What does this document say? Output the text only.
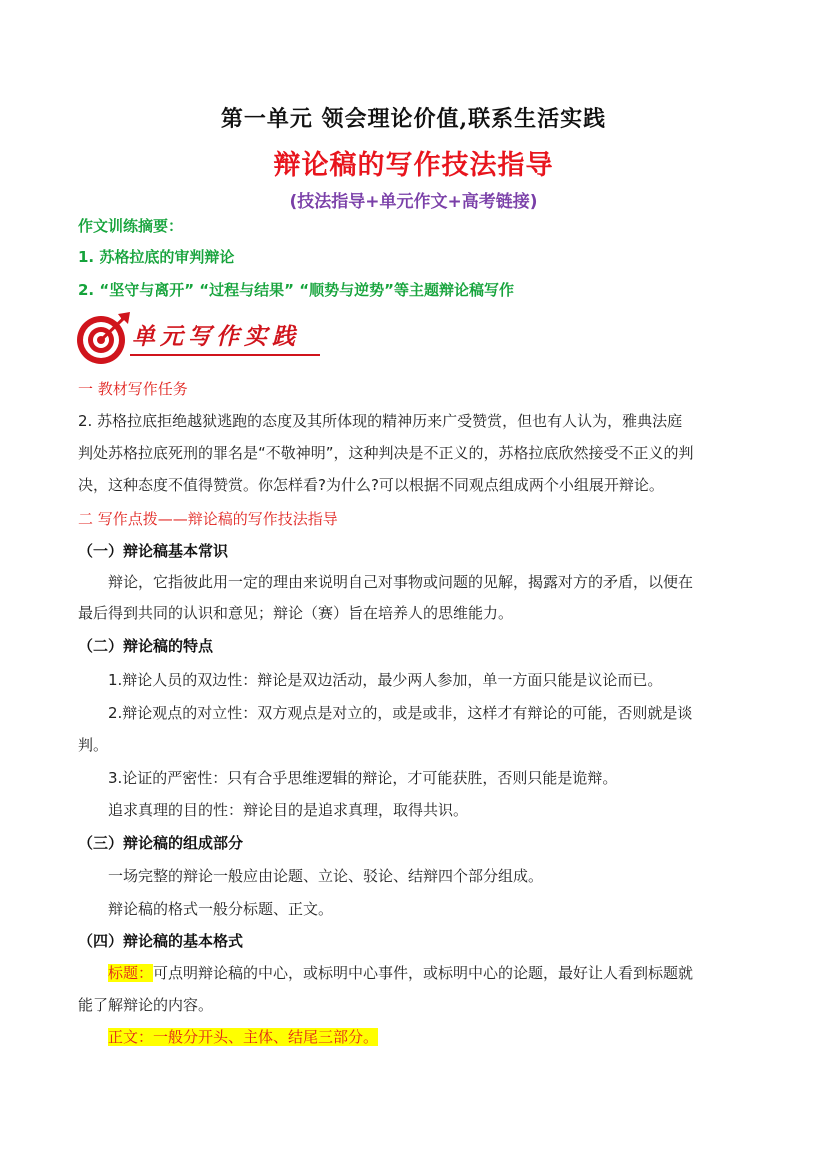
第一单元 领会理论价值,联系生活实践
辩论稿的写作技法指导
(技法指导+单元作文+高考链接)
作文训练摘要：
1. 苏格拉底的审判辩论
2. “坚守与离开” “过程与结果” “顺势与逆势”等主题辩论稿写作
单元写作实践
一 教材写作任务
2. 苏格拉底拒绝越狱逃跑的态度及其所体现的精神历来广受赞赏，但也有人认为，雅典法庭
判处苏格拉底死刑的罪名是“不敬神明”，这种判决是不正义的，苏格拉底欣然接受不正义的判
决，这种态度不值得赞赏。你怎样看?为什么?可以根据不同观点组成两个小组展开辩论。
二 写作点拨——辩论稿的写作技法指导
（一）辩论稿基本常识
辩论，它指彼此用一定的理由来说明自己对事物或问题的见解，揭露对方的矛盾，以便在
最后得到共同的认识和意见；辩论（赛）旨在培养人的思维能力。
（二）辩论稿的特点
1.辩论人员的双边性：辩论是双边活动，最少两人参加，单一方面只能是议论而已。
2.辩论观点的对立性：双方观点是对立的，或是或非，这样才有辩论的可能，否则就是谈
判。
3.论证的严密性：只有合乎思维逻辑的辩论，才可能获胜，否则只能是诡辩。
追求真理的目的性：辩论目的是追求真理，取得共识。
（三）辩论稿的组成部分
一场完整的辩论一般应由论题、立论、驳论、结辩四个部分组成。
辩论稿的格式一般分标题、正文。
（四）辩论稿的基本格式
标题：可点明辩论稿的中心，或标明中心事件，或标明中心的论题，最好让人看到标题就
能了解辩论的内容。
正文：一般分开头、主体、结尾三部分。
